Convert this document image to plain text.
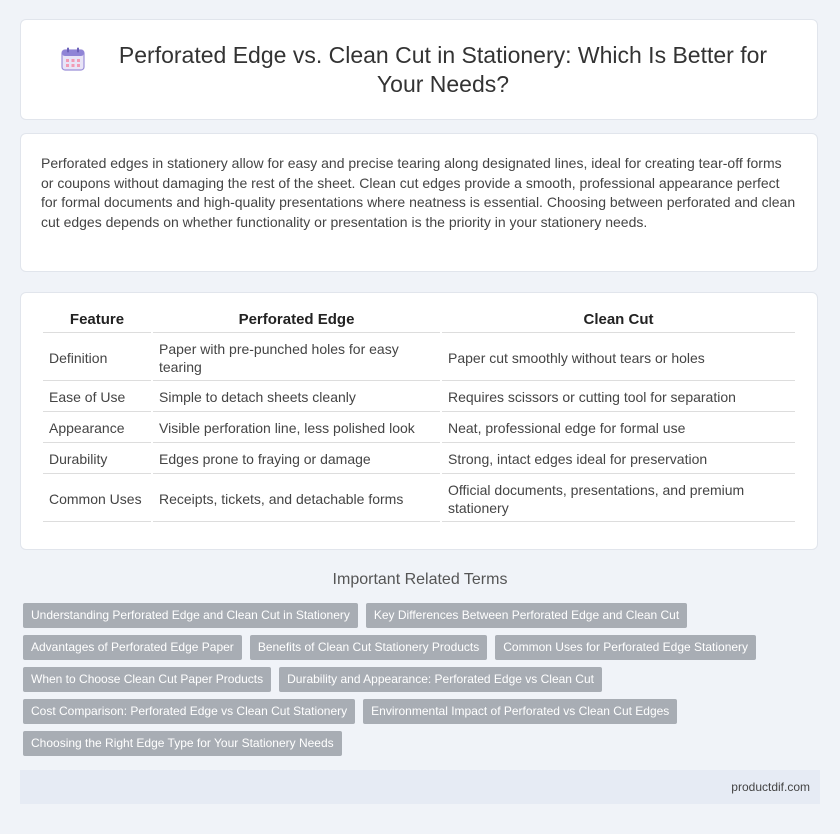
Perforated Edge vs. Clean Cut in Stationery: Which Is Better for Your Needs?

Perforated edges in stationery allow for easy and precise tearing along designated lines, ideal for creating tear-off forms or coupons without damaging the rest of the sheet. Clean cut edges provide a smooth, professional appearance perfect for formal documents and high-quality presentations where neatness is essential. Choosing between perforated and clean cut edges depends on whether functionality or presentation is the priority in your stationery needs.

Feature	Perforated Edge	Clean Cut
Definition	Paper with pre-punched holes for easy tearing	Paper cut smoothly without tears or holes
Ease of Use	Simple to detach sheets cleanly	Requires scissors or cutting tool for separation
Appearance	Visible perforation line, less polished look	Neat, professional edge for formal use
Durability	Edges prone to fraying or damage	Strong, intact edges ideal for preservation
Common Uses	Receipts, tickets, and detachable forms	Official documents, presentations, and premium stationery
Important Related Terms
Understanding Perforated Edge and Clean Cut in Stationery	Key Differences Between Perforated Edge and Clean Cut
Advantages of Perforated Edge Paper	Benefits of Clean Cut Stationery Products	Common Uses for Perforated Edge Stationery
When to Choose Clean Cut Paper Products	Durability and Appearance: Perforated Edge vs Clean Cut
Cost Comparison: Perforated Edge vs Clean Cut Stationery	Environmental Impact of Perforated vs Clean Cut Edges
Choosing the Right Edge Type for Your Stationery Needs
productdif.com
